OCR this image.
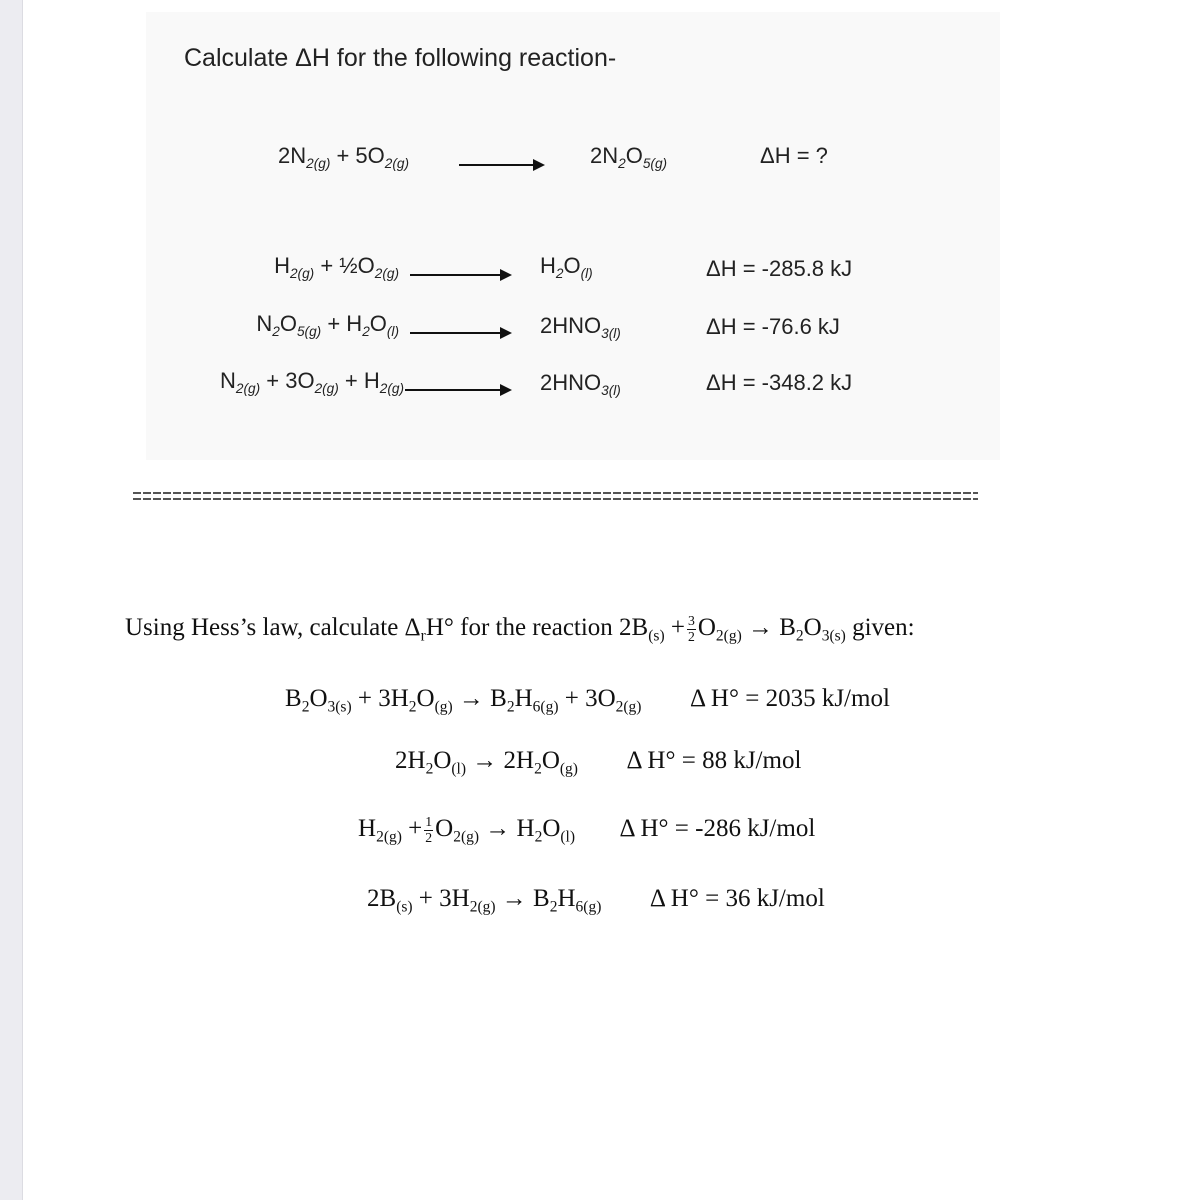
Calculate ΔH for the following reaction-
$2N_{2(g)} + 5O_{2(g)}$	$2N_2O_{5(g)}$	ΔH = ?
$H_{2(g)}$ + $\frac{1}{2}O_{2(g)}$	$H_2O_{(l)}$	ΔH = -285.8 kJ
$N_2O_{5(g)} + H_2O_{(l)}$	$2HNO_{3(l)}$	ΔH = -76.6 kJ
$N_{2(g)} + 3O_{2(g)} + H_{2(g)}$	$2HNO_{3(l)}$	ΔH = -348.2 kJ
Using Hess’s law, calculate $\Delta_rH^\circ$ for the reaction $2B_{(s)} + \frac{3}{2} O_{2(g)} \to B_2O_{3(s)}$ given:
$B_2O_{3(s)} + 3H_2O_{(g)} \to B_2H_{6(g)} + 3O_{2(g)}$ Δ H° = 2035 kJ/mol
$2H_2O_{(l)} \to 2H_2O_{(g)}$ Δ H° = 88 kJ/mol
$H_{2(g)} + \frac{1}{2} O_{2(g)} \to H_2O_{(l)}$ Δ H° = -286 kJ/mol
$2B_{(s)} + 3H_{2(g)} \to B_2H_{6(g)}$ Δ H° = 36 kJ/mol
